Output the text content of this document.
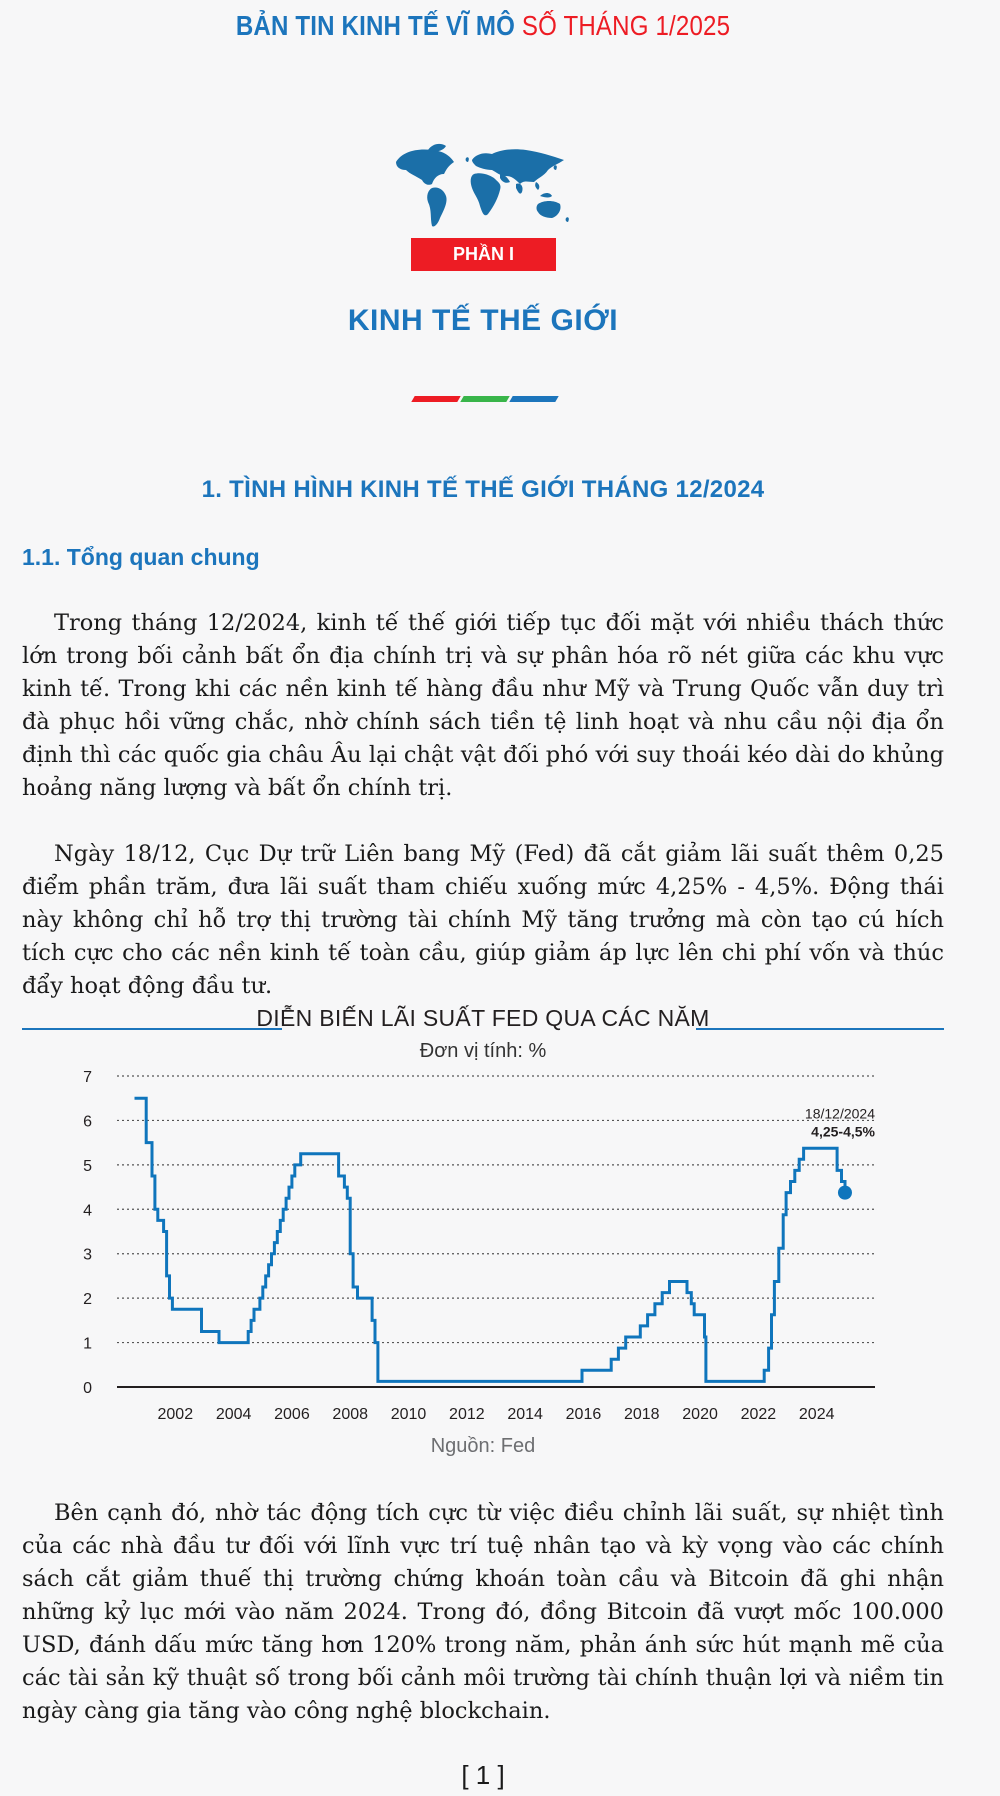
BẢN TIN KINH TẾ VĨ MÔ SỐ THÁNG 1/2025
PHẦN I
KINH TẾ THẾ GIỚI
1. TÌNH HÌNH KINH TẾ THẾ GIỚI THÁNG 12/2024
1.1. Tổng quan chung

Trong tháng 12/2024, kinh tế thế giới tiếp tục đối mặt với nhiều thách thức lớn trong bối cảnh bất ổn địa chính trị và sự phân hóa rõ nét giữa các khu vực kinh tế. Trong khi các nền kinh tế hàng đầu như Mỹ và Trung Quốc vẫn duy trì đà phục hồi vững chắc, nhờ chính sách tiền tệ linh hoạt và nhu cầu nội địa ổn định thì các quốc gia châu Âu lại chật vật đối phó với suy thoái kéo dài do khủng hoảng năng lượng và bất ổn chính trị.

Ngày 18/12, Cục Dự trữ Liên bang Mỹ (Fed) đã cắt giảm lãi suất thêm 0,25 điểm phần trăm, đưa lãi suất tham chiếu xuống mức 4,25% - 4,5%. Động thái này không chỉ hỗ trợ thị trường tài chính Mỹ tăng trưởng mà còn tạo cú hích tích cực cho các nền kinh tế toàn cầu, giúp giảm áp lực lên chi phí vốn và thúc đẩy hoạt động đầu tư.

DIỄN BIẾN LÃI SUẤT FED QUA CÁC NĂM
Đơn vị tính: %
0
1
2
3
4
5
6
7
2002 2004 2006 2008 2010 2012 2014 2016 2018 2020 2022 2024
18/12/2024
4,25-4,5%
Nguồn: Fed

Bên cạnh đó, nhờ tác động tích cực từ việc điều chỉnh lãi suất, sự nhiệt tình của các nhà đầu tư đối với lĩnh vực trí tuệ nhân tạo và kỳ vọng vào các chính sách cắt giảm thuế thị trường chứng khoán toàn cầu và Bitcoin đã ghi nhận những kỷ lục mới vào năm 2024. Trong đó, đồng Bitcoin đã vượt mốc 100.000 USD, đánh dấu mức tăng hơn 120% trong năm, phản ánh sức hút mạnh mẽ của các tài sản kỹ thuật số trong bối cảnh môi trường tài chính thuận lợi và niềm tin ngày càng gia tăng vào công nghệ blockchain.

[ 1 ]
